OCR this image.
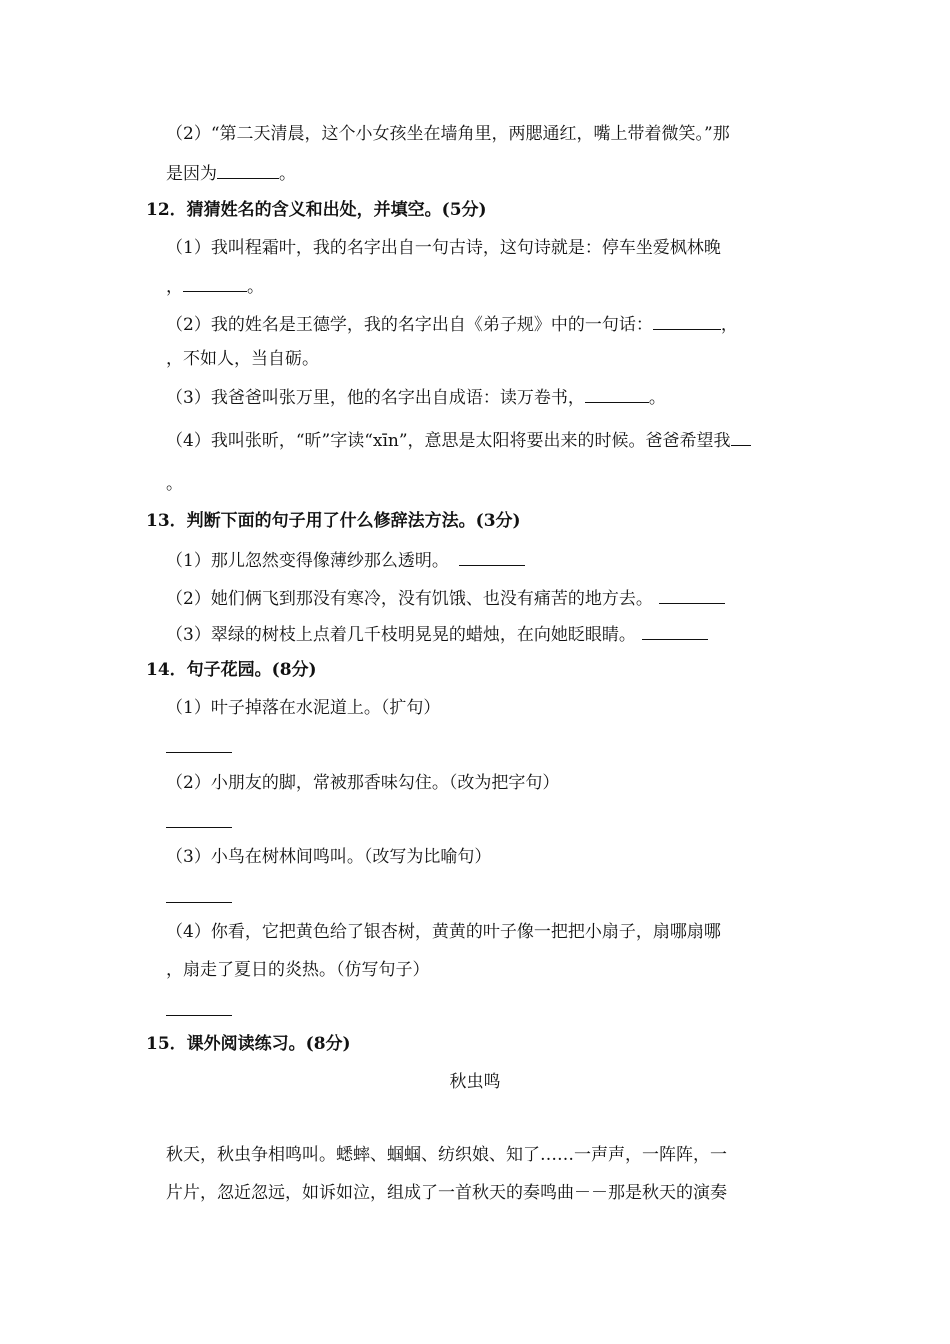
（2）“第二天清晨，这个小女孩坐在墙角里，两腮通红，嘴上带着微笑。”那
是因为	。
12．猜猜姓名的含义和出处，并填空。(5分)
（1）我叫程霜叶，我的名字出自一句古诗，这句诗就是：停车坐爱枫林晚
，	。
（2）我的姓名是王德学，我的名字出自《弟子规》中的一句话：	，
，不如人，当自砺。
（3）我爸爸叫张万里，他的名字出自成语：读万卷书，	。
（4）我叫张昕，“昕”字读“xīn”，意思是太阳将要出来的时候。爸爸希望我
。
13．判断下面的句子用了什么修辞法方法。(3分)
（1）那儿忽然变得像薄纱那么透明。
（2）她们俩飞到那没有寒冷，没有饥饿、也没有痛苦的地方去。
（3）翠绿的树枝上点着几千枝明晃晃的蜡烛，在向她眨眼睛。
14．句子花园。(8分)
（1）叶子掉落在水泥道上。（扩句）
（2）小朋友的脚，常被那香味勾住。（改为把字句）
（3）小鸟在树林间鸣叫。（改写为比喻句）
（4）你看，它把黄色给了银杏树，黄黄的叶子像一把把小扇子，扇哪扇哪
，扇走了夏日的炎热。（仿写句子）
15．课外阅读练习。(8分)
秋虫鸣
秋天，秋虫争相鸣叫。蟋蟀、蝈蝈、纺织娘、知了……一声声，一阵阵，一
片片，忽近忽远，如诉如泣，组成了一首秋天的奏鸣曲－－那是秋天的演奏
